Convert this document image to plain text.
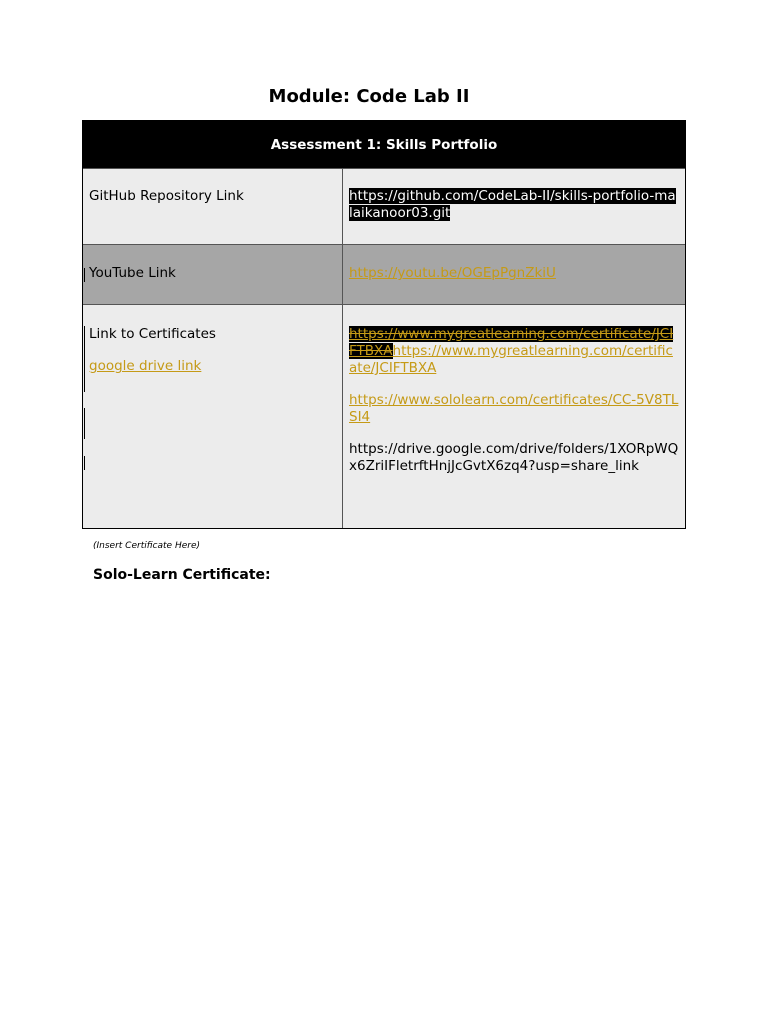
Module: Code Lab II
Assessment 1: Skills Portfolio
GitHub Repository Link	https://github.com/CodeLab-II/skills-portfolio-malaikanoor03.git
YouTube Link	https://youtu.be/OGEpPgnZkiU
Link to Certificates
google drive link
https://www.mygreatlearning.com/certificate/JCIFTBXAhttps://www.mygreatlearning.com/certificate/JCIFTBXA
https://www.sololearn.com/certificates/CC-5V8TLSI4
https://drive.google.com/drive/folders/1XORpWQx6ZriIFletrftHnjJcGvtX6zq4?usp=share_link
(Insert Certificate Here)
Solo-Learn Certificate:
